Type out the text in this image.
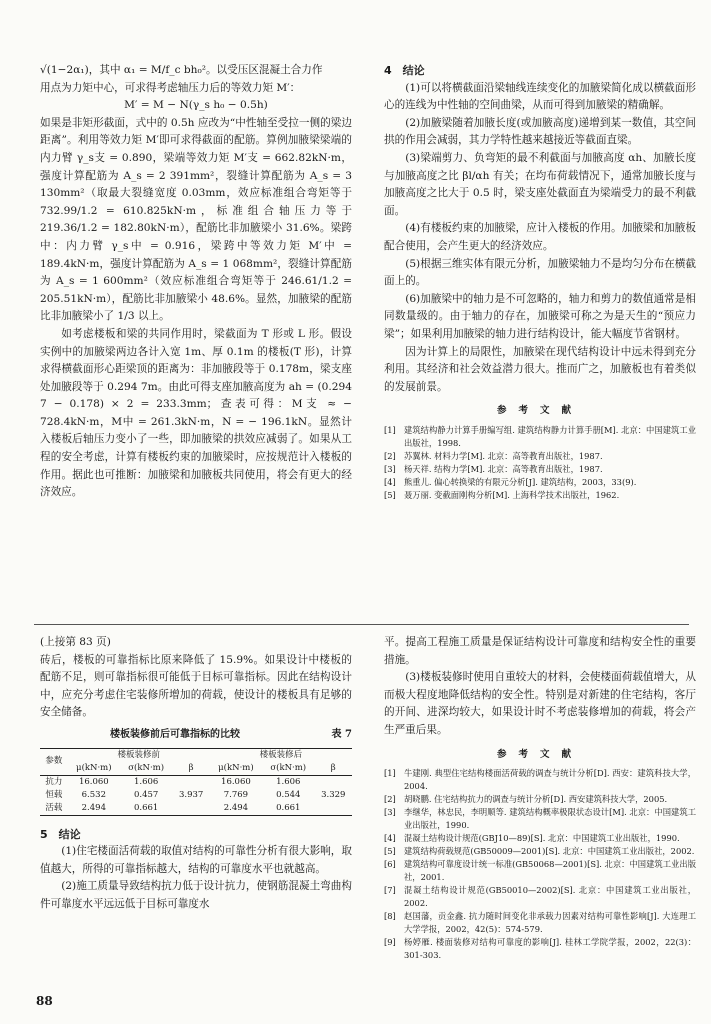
√(1−2α₁)，其中 α₁ = M/f_c bh₀²。以受压区混凝土合力作

用点为力矩中心，可求得考虑轴压力后的等效力矩 M′：

M′ = M − N(γ_s h₀ − 0.5h)

如果是非矩形截面，式中的 0.5h 应改为“中性轴至受拉一侧的梁边距离”。利用等效力矩 M′即可求得截面的配筋。算例加腋梁梁端的内力臂 γ_s支 = 0.890，梁端等效力矩 M′支 = 662.82kN·m，强度计算配筋为 A_s = 2 391mm²，裂缝计算配筋为 A_s = 3 130mm²（取最大裂缝宽度 0.03mm，效应标准组合弯矩等于 732.99/1.2 = 610.825kN·m，标准组合轴压力等于 219.36/1.2 = 182.80kN·m），配筋比非加腋梁小 31.6%。梁跨中：内力臂 γ_s中 = 0.916，梁跨中等效力矩 M′中 = 189.4kN·m，强度计算配筋为 A_s = 1 068mm²，裂缝计算配筋为 A_s = 1 600mm²（效应标准组合弯矩等于 246.61/1.2 = 205.51kN·m），配筋比非加腋梁小 48.6%。显然，加腋梁的配筋比非加腋梁小了 1/3 以上。

如考虑楼板和梁的共同作用时，梁截面为 T 形或 L 形。假设实例中的加腋梁两边各计入宽 1m、厚 0.1m 的楼板(T 形)，计算求得横截面形心距梁顶的距离为：非加腋段等于 0.178m，梁支座处加腋段等于 0.294 7m。由此可得支座加腋高度为 ah = (0.294 7 − 0.178) × 2 = 233.3mm；查表可得：M支 ≈ − 728.4kN·m，M中 = 261.3kN·m，N = − 196.1kN。显然计入楼板后轴压力变小了一些，即加腋梁的拱效应减弱了。如果从工程的安全考虑，计算有楼板约束的加腋梁时，应按规范计入楼板的作用。据此也可推断：加腋梁和加腋板共同使用，将会有更大的经济效应。

4　结论

(1)可以将横截面沿梁轴线连续变化的加腋梁简化成以横截面形心的连线为中性轴的空间曲梁，从而可得到加腋梁的精确解。

(2)加腋梁随着加腋长度(或加腋高度)递增到某一数值，其空间拱的作用会减弱，其力学特性越来越接近等截面直梁。

(3)梁端剪力、负弯矩的最不利截面与加腋高度 αh、加腋长度与加腋高度之比 βl/αh 有关；在均布荷载情况下，通常加腋长度与加腋高度之比大于 0.5 时，梁支座处截面直为梁端受力的最不利截面。

(4)有楼板约束的加腋梁，应计入楼板的作用。加腋梁和加腋板配合使用，会产生更大的经济效应。

(5)根据三维实体有限元分析，加腋梁轴力不是均匀分布在横截面上的。

(6)加腋梁中的轴力是不可忽略的，轴力和剪力的数值通常是相同数量级的。由于轴力的存在，加腋梁可称之为是天生的“预应力梁”；如果利用加腋梁的轴力进行结构设计，能大幅度节省钢材。

因为计算上的局限性，加腋梁在现代结构设计中远未得到充分利用。其经济和社会效益潜力很大。推而广之，加腋板也有着类似的发展前景。

参考文献
[1] 建筑结构静力计算手册编写组. 建筑结构静力计算手册[M]. 北京：中国建筑工业出版社，1998.
[2] 苏翼林. 材料力学[M]. 北京：高等教育出版社，1987.
[3] 杨天祥. 结构力学[M]. 北京：高等教育出版社，1987.
[4] 熊重儿. 偏心转换梁的有限元分析[J]. 建筑结构，2003，33(9).
[5] 聂万丽. 变截面刚构分析[M]. 上海科学技术出版社，1962.

(上接第 83 页)

砖后，楼板的可靠指标比原来降低了 15.9%。如果设计中楼板的配筋不足，则可靠指标很可能低于目标可靠指标。因此在结构设计中，应充分考虑住宅装修所增加的荷载，使设计的楼板具有足够的安全储备。

楼板装修前后可靠指标的比较	表 7
参数	楼板装修前			楼板装修后		
	μ(kN·m)	σ(kN·m)	β	μ(kN·m)	σ(kN·m)	β
抗力	16.060	1.606		16.060	1.606	
恒载	6.532	0.457	3.937	7.769	0.544	3.329
活载	2.494	0.661		2.494	0.661	

5　结论

(1)住宅楼面活荷载的取值对结构的可靠性分析有很大影响，取值越大，所得的可靠指标越大，结构的可靠度水平也就越高。

(2)施工质量导致结构抗力低于设计抗力，使钢筋混凝土弯曲构件可靠度水平远远低于目标可靠度水

88

平。提高工程施工质量是保证结构设计可靠度和结构安全性的重要措施。

(3)楼板装修时使用自重较大的材料，会使楼面荷载值增大，从而极大程度地降低结构的安全性。特别是对新建的住宅结构，客厅的开间、进深均较大，如果设计时不考虑装修增加的荷载，将会产生严重后果。

参考文献
[1] 牛建刚. 典型住宅结构楼面活荷载的调查与统计分析[D]. 西安：建筑科技大学，2004.
[2] 胡晓鹏. 住宅结构抗力的调查与统计分析[D]. 西安建筑科技大学，2005.
[3] 李继华，林忠民，李明顺等. 建筑结构概率极限状态设计[M]. 北京：中国建筑工业出版社，1990.
[4] 混凝土结构设计规范(GBJ10—89)[S]. 北京：中国建筑工业出版社，1990.
[5] 建筑结构荷载规范(GB50009—2001)[S]. 北京：中国建筑工业出版社，2002.
[6] 建筑结构可靠度设计统一标准(GB50068—2001)[S]. 北京：中国建筑工业出版社，2001.
[7] 混凝土结构设计规范(GB50010—2002)[S]. 北京：中国建筑工业出版社，2002.
[8] 赵国藩，贡金鑫. 抗力随时间变化非承载力因素对结构可靠性影响[J]. 大连理工大学学报，2002，42(5)：574-579.
[9] 杨婷雁. 楼面装修对结构可靠度的影响[J]. 桂林工学院学报，2002，22(3)：301-303.
